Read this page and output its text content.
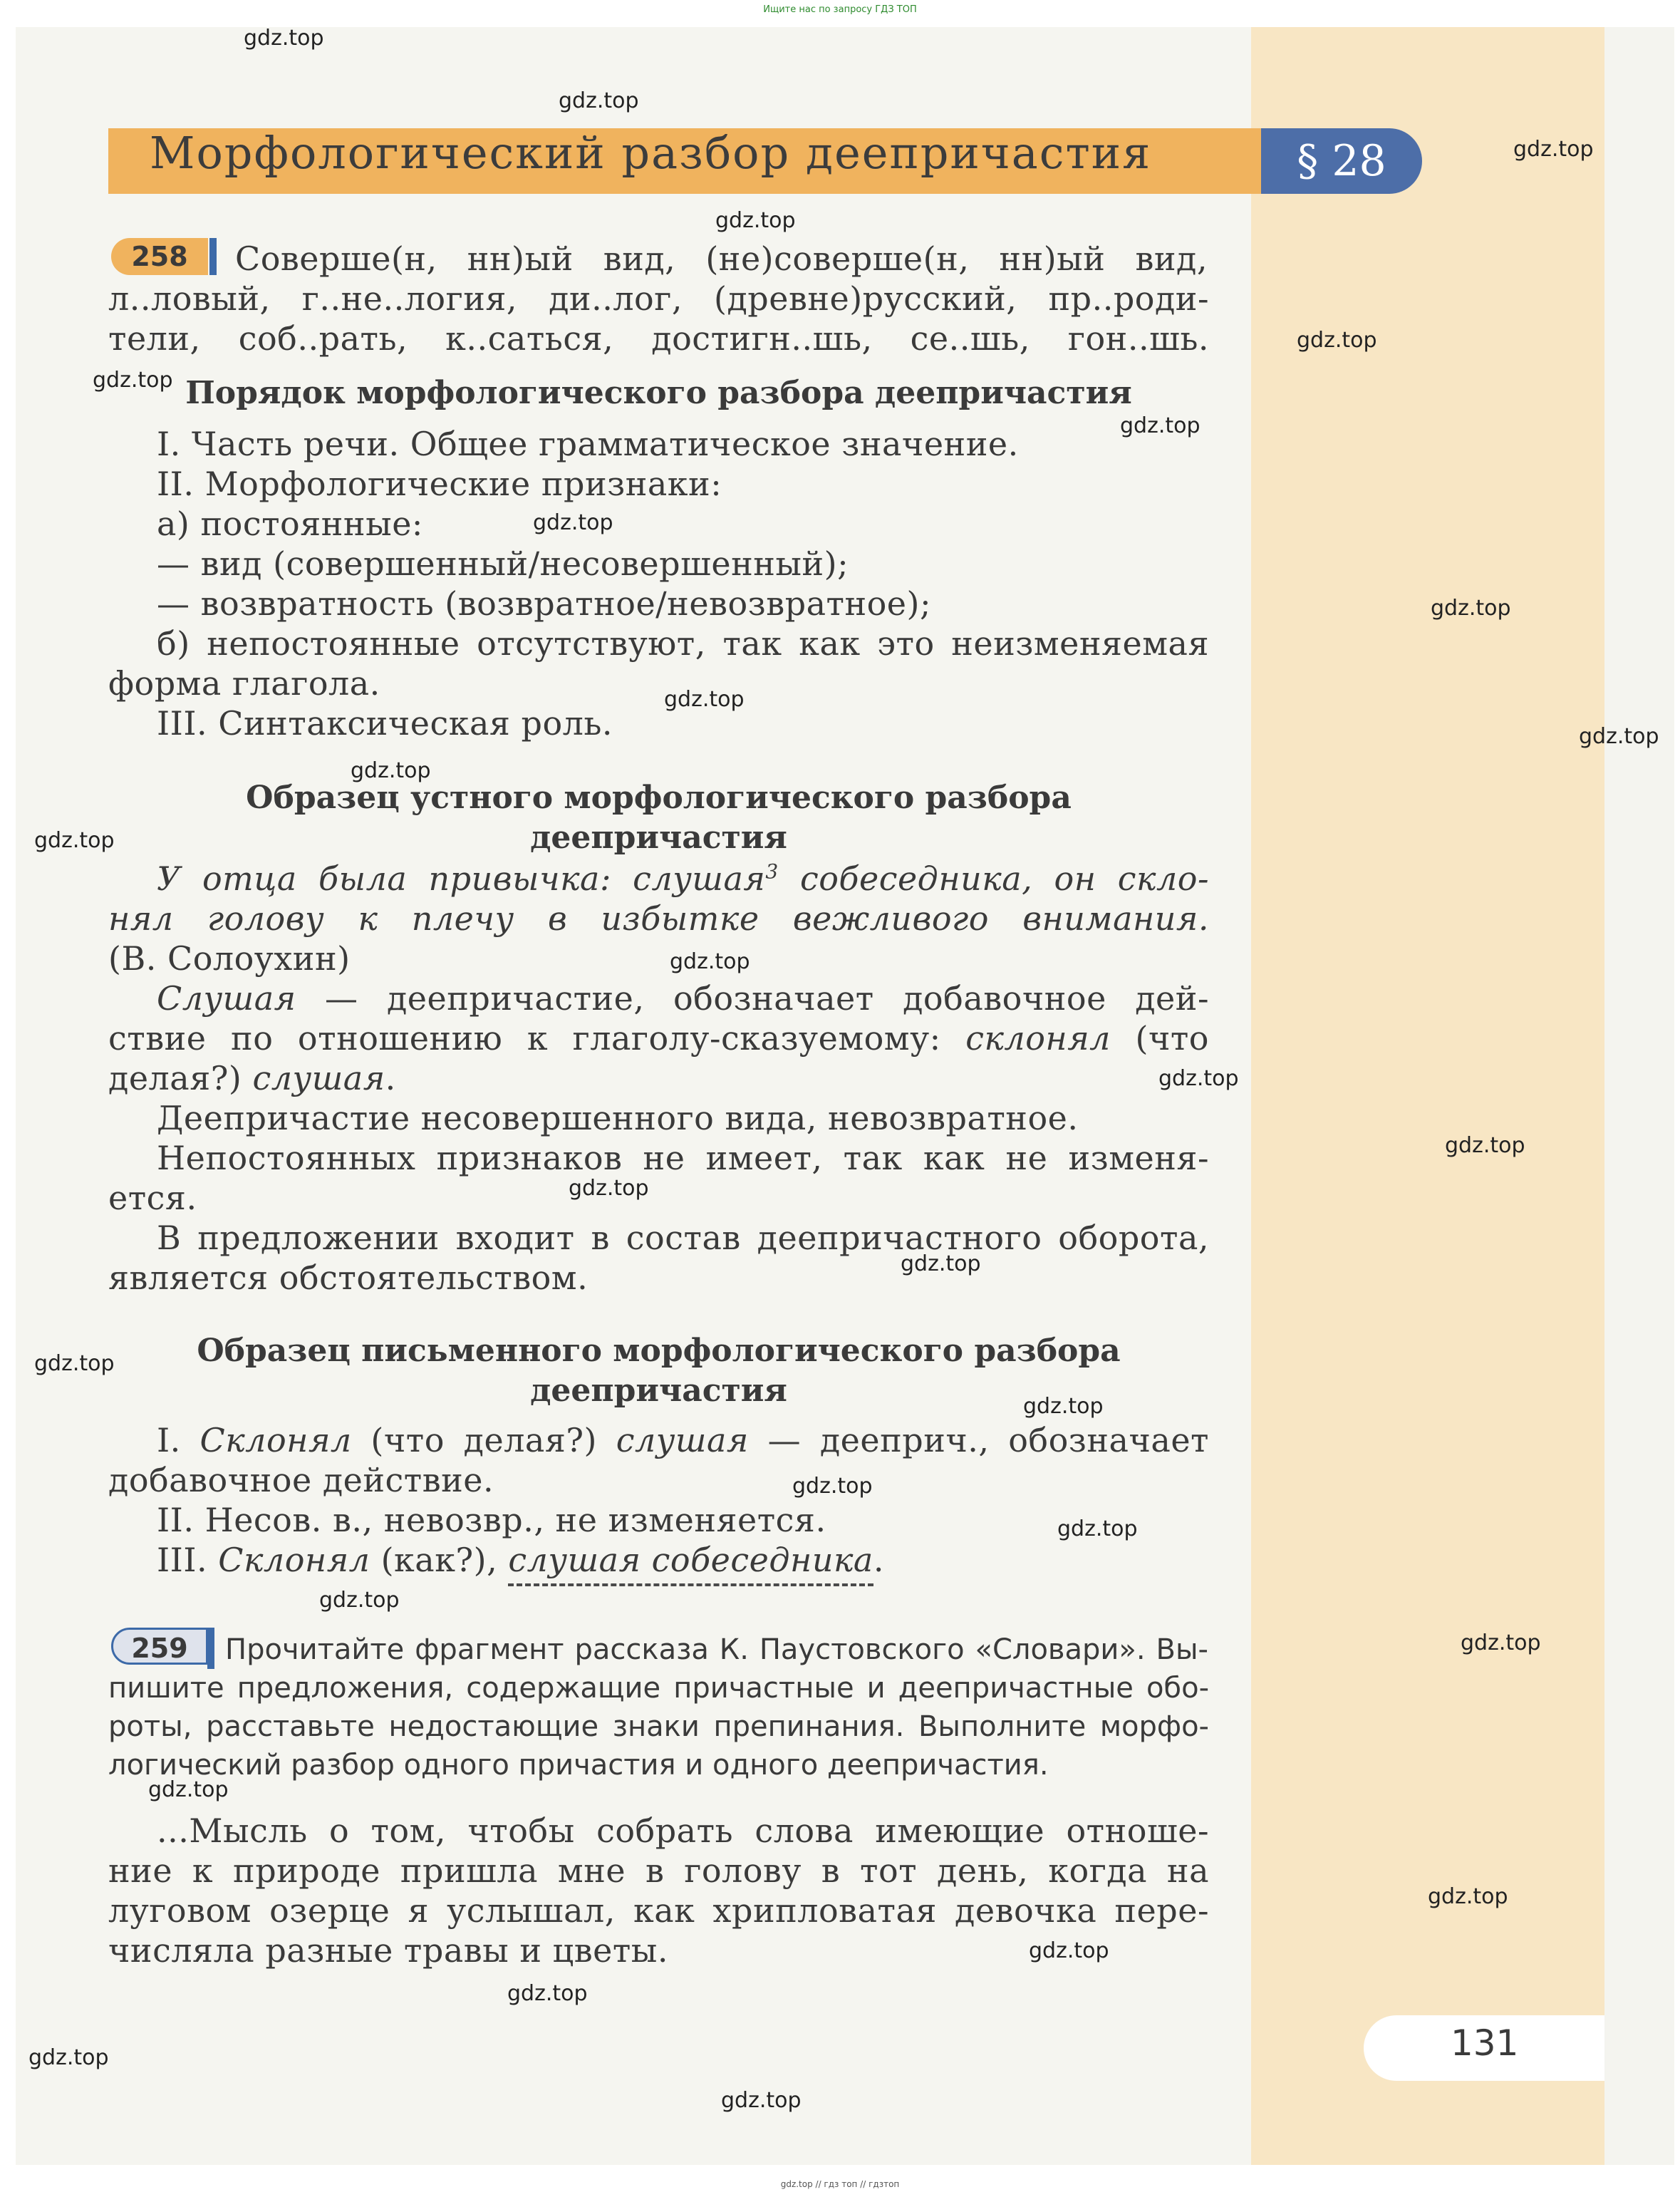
Ищите нас по запросу ГДЗ ТОП
Морфологический разбор деепричастия	§ 28
258	Соверше(н, нн)ый вид, (не)соверше(н, нн)ый вид,
л..ловый, г..не..логия, ди..лог, (древне)русский, пр..роди-
тели, соб..рать, к..саться, достигн..шь, се..шь, гон..шь.
Порядок морфологического разбора деепричастия
I. Часть речи. Общее грамматическое значение.
II. Морфологические признаки:
а) постоянные:
— вид (совершенный/несовершенный);
— возвратность (возвратное/невозвратное);
б) непостоянные отсутствуют, так как это неизменяемая
форма глагола.
III. Синтаксическая роль.
Образец устного морфологического разбора
деепричастия
У отца была привычка: слушая$^3$ собеседника, он скло-
нял голову к плечу в избытке вежливого внимания.
(В. Солоухин)
Слушая — деепричастие, обозначает добавочное дей-
ствие по отношению к глаголу-сказуемому: склонял (что
делая?) слушая.
Деепричастие несовершенного вида, невозвратное.
Непостоянных признаков не имеет, так как не изменя-
ется.
В предложении входит в состав деепричастного оборота,
является обстоятельством.
Образец письменного морфологического разбора
деепричастия
I. Склонял (что делая?) слушая — дееприч., обозначает
добавочное действие.
II. Несов. в., невозвр., не изменяется.
III. Склонял (как?), слушая собеседника.
259	Прочитайте фрагмент рассказа К. Паустовского «Словари». Вы-
пишите предложения, содержащие причастные и деепричастные обо-
роты, расставьте недостающие знаки препинания. Выполните морфо-
логический разбор одного причастия и одного деепричастия.
...Мысль о том, чтобы собрать слова имеющие отноше-
ние к природе пришла мне в голову в тот день, когда на
луговом озерце я услышал, как хрипловатая девочка пере-
числяла разные травы и цветы.
131
gdz.top // гдз топ // гдзтоп
gdz.top
gdz.top
gdz.top
gdz.top
gdz.top
gdz.top
gdz.top
gdz.top
gdz.top
gdz.top
gdz.top
gdz.top
gdz.top
gdz.top
gdz.top
gdz.top
gdz.top
gdz.top
gdz.top
gdz.top
gdz.top
gdz.top
gdz.top
gdz.top
gdz.top
gdz.top
gdz.top
gdz.top
gdz.top
gdz.top
